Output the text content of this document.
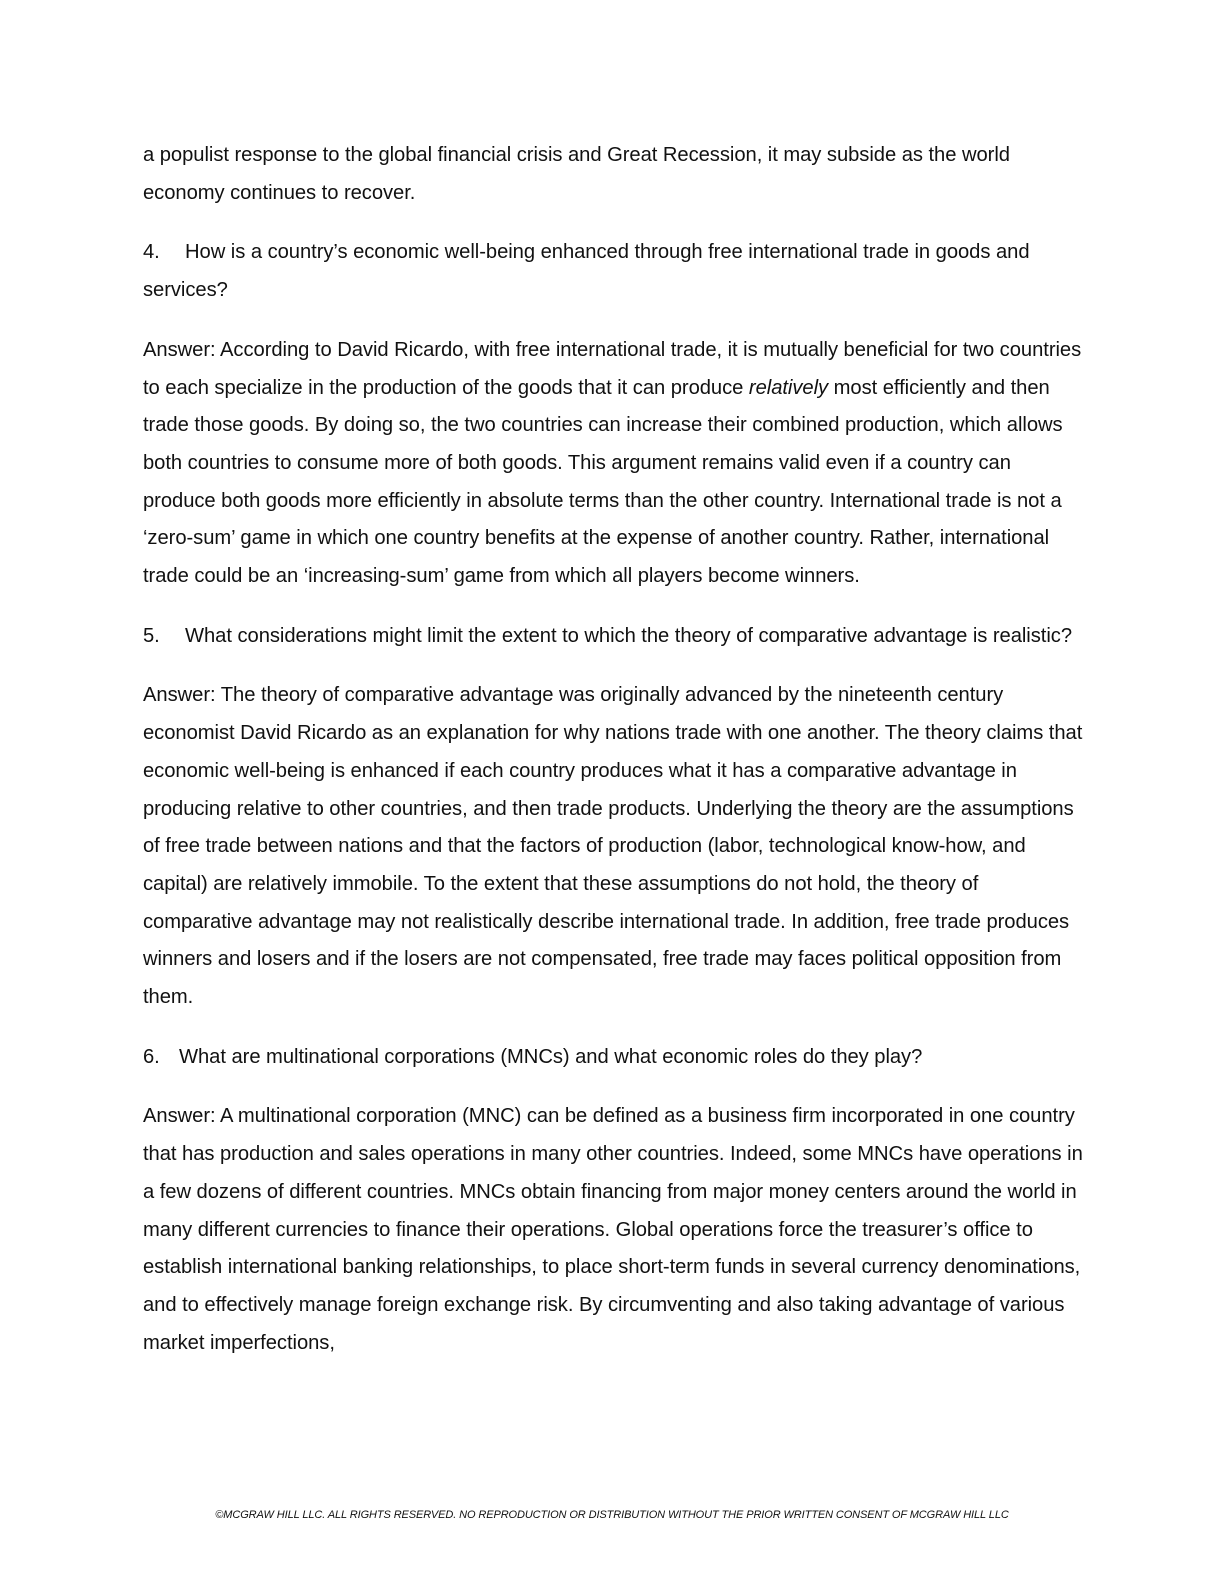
a populist response to the global financial crisis and Great Recession, it may subside as the world economy continues to recover.

4. How is a country’s economic well-being enhanced through free international trade in goods and services?

Answer: According to David Ricardo, with free international trade, it is mutually beneficial for two countries to each specialize in the production of the goods that it can produce relatively most efficiently and then trade those goods. By doing so, the two countries can increase their combined production, which allows both countries to consume more of both goods. This argument remains valid even if a country can produce both goods more efficiently in absolute terms than the other country. International trade is not a ‘zero-sum’ game in which one country benefits at the expense of another country. Rather, international trade could be an ‘increasing-sum’ game from which all players become winners.

5. What considerations might limit the extent to which the theory of comparative advantage is realistic?

Answer: The theory of comparative advantage was originally advanced by the nineteenth century economist David Ricardo as an explanation for why nations trade with one another. The theory claims that economic well-being is enhanced if each country produces what it has a comparative advantage in producing relative to other countries, and then trade products. Underlying the theory are the assumptions of free trade between nations and that the factors of production (labor, technological know-how, and capital) are relatively immobile. To the extent that these assumptions do not hold, the theory of comparative advantage may not realistically describe international trade. In addition, free trade produces winners and losers and if the losers are not compensated, free trade may faces political opposition from them.

6. What are multinational corporations (MNCs) and what economic roles do they play?

Answer: A multinational corporation (MNC) can be defined as a business firm incorporated in one country that has production and sales operations in many other countries. Indeed, some MNCs have operations in a few dozens of different countries. MNCs obtain financing from major money centers around the world in many different currencies to finance their operations. Global operations force the treasurer’s office to establish international banking relationships, to place short-term funds in several currency denominations, and to effectively manage foreign exchange risk. By circumventing and also taking advantage of various market imperfections,

©MCGRAW HILL LLC. ALL RIGHTS RESERVED. NO REPRODUCTION OR DISTRIBUTION WITHOUT THE PRIOR WRITTEN CONSENT OF MCGRAW HILL LLC
